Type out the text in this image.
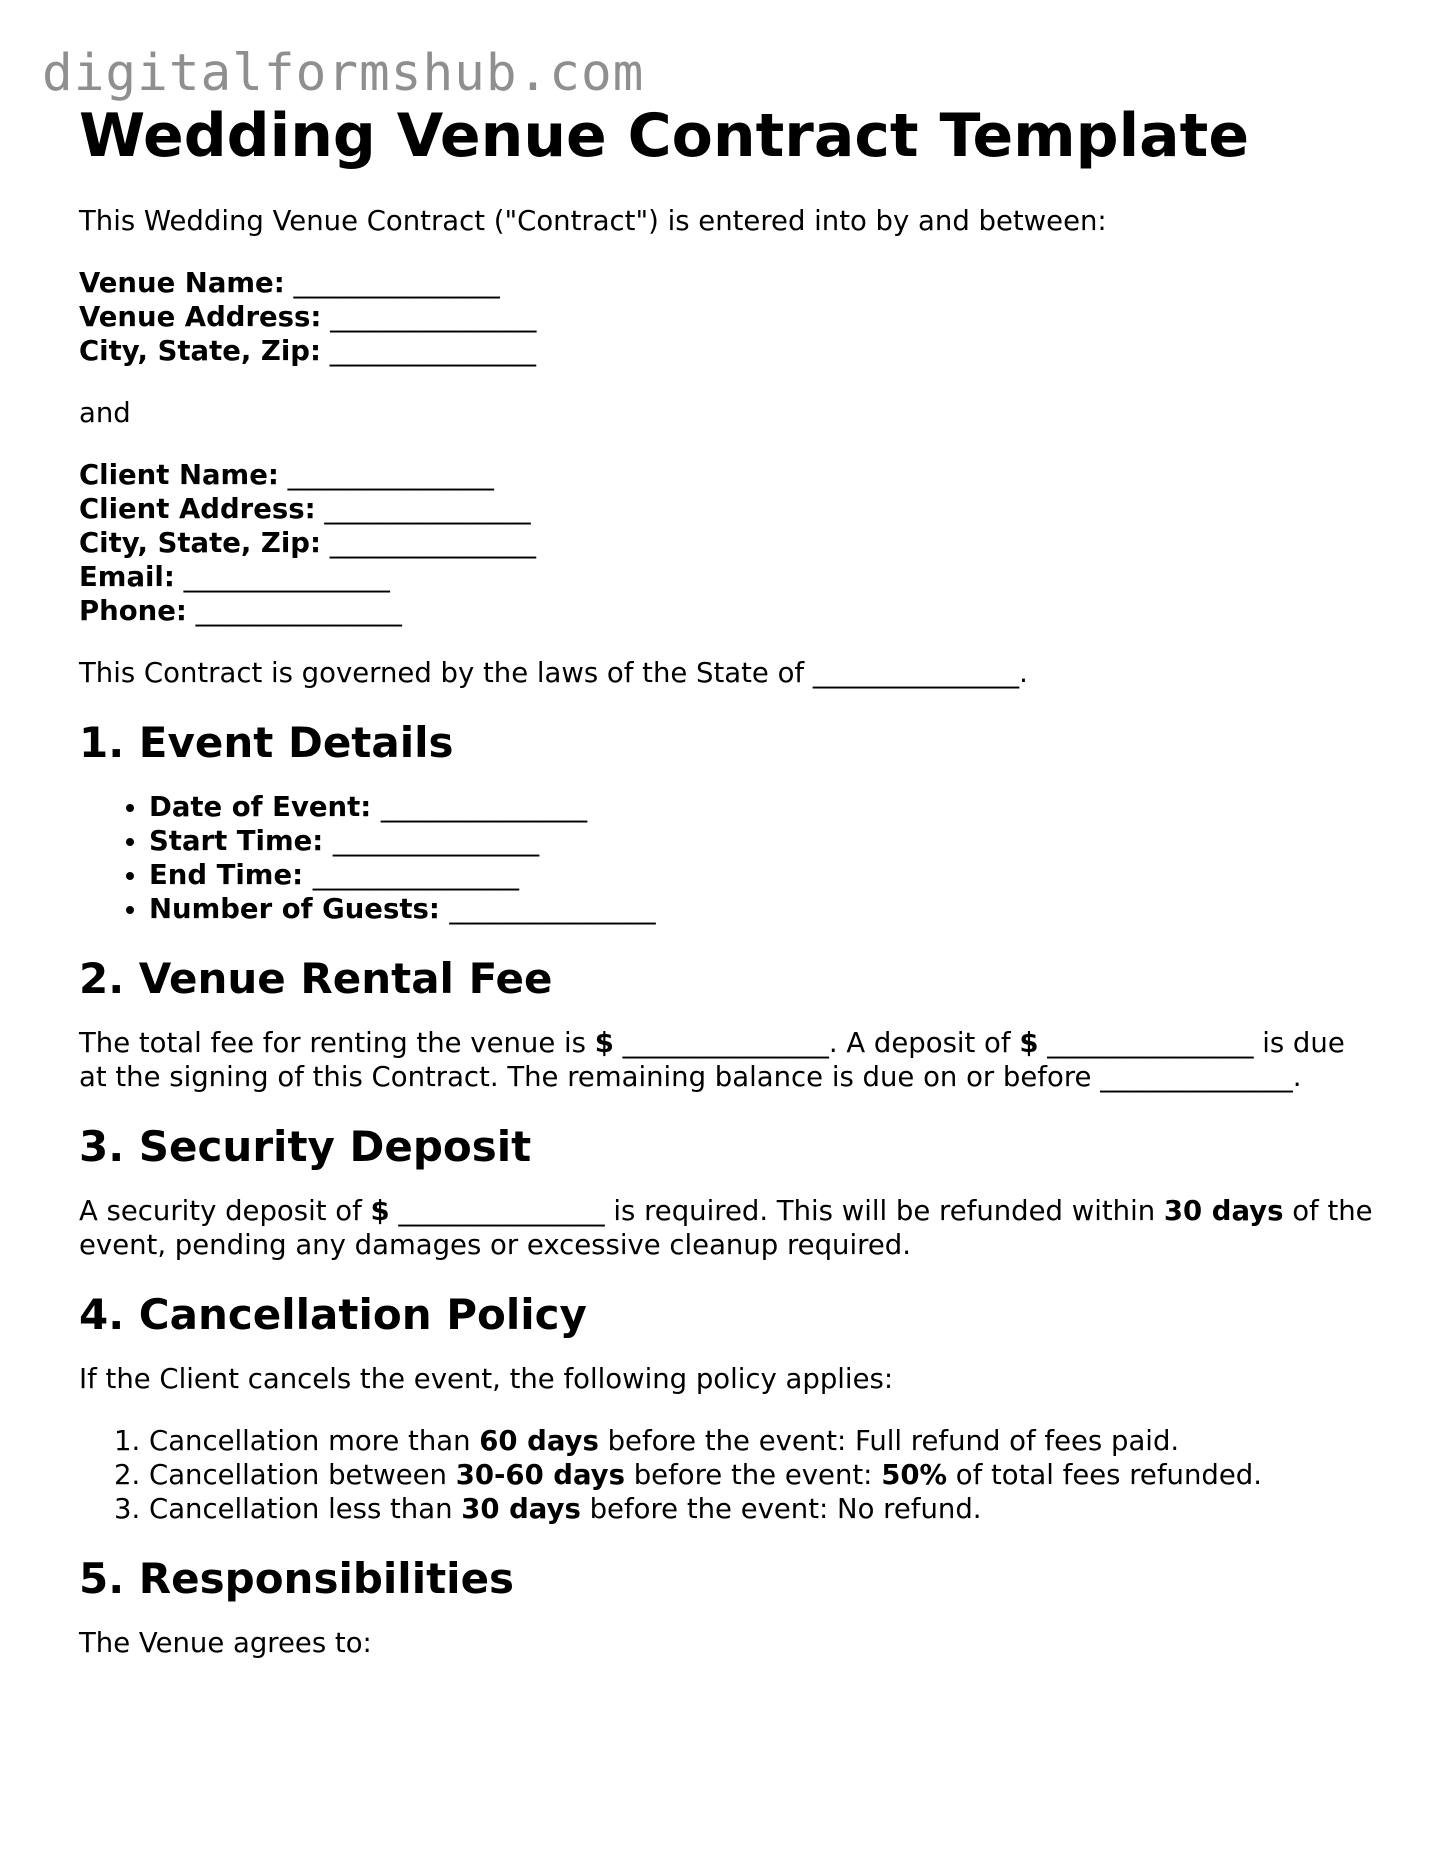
digitalformshub.com
Wedding Venue Contract Template

This Wedding Venue Contract ("Contract") is entered into by and between:

Venue Name: _______________
Venue Address: _______________
City, State, Zip: _______________

and

Client Name: _______________
Client Address: _______________
City, State, Zip: _______________
Email: _______________
Phone: _______________

This Contract is governed by the laws of the State of _______________.

1. Event Details
• Date of Event: _______________
• Start Time: _______________
• End Time: _______________
• Number of Guests: _______________
2. Venue Rental Fee

The total fee for renting the venue is $ _______________. A deposit of $ _______________ is due at the signing of this Contract. The remaining balance is due on or before ______________.

3. Security Deposit

A security deposit of $ _______________ is required. This will be refunded within 30 days of the event, pending any damages or excessive cleanup required.

4. Cancellation Policy

If the Client cancels the event, the following policy applies:

1. Cancellation more than 60 days before the event: Full refund of fees paid.
2. Cancellation between 30-60 days before the event: 50% of total fees refunded.
3. Cancellation less than 30 days before the event: No refund.
5. Responsibilities

The Venue agrees to:
